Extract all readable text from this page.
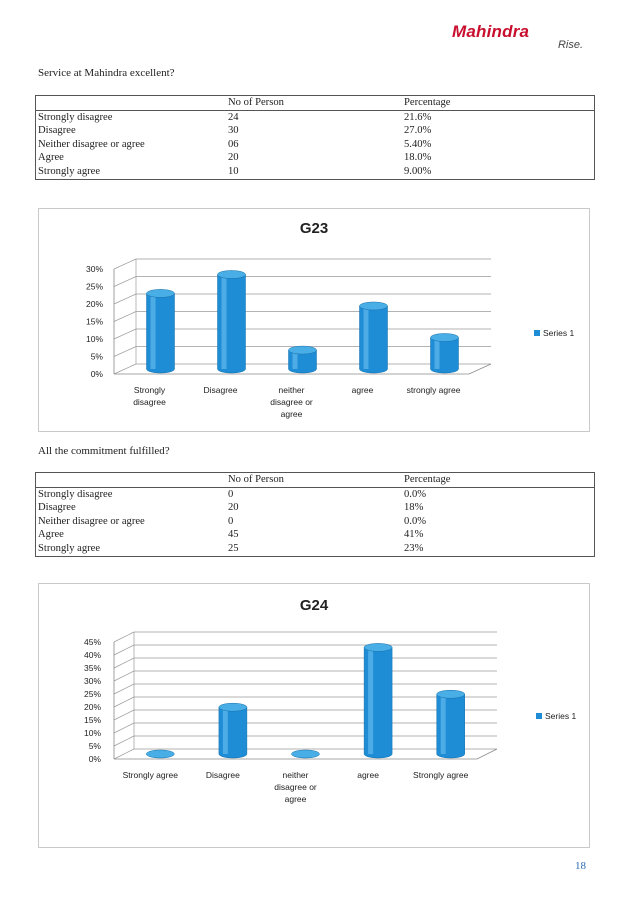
Mahindra
Rise.
Service at Mahindra excellent?
	No of Person	Percentage
Strongly disagree	24	21.6%
Disagree	30	27.0%
Neither disagree or agree	06	5.40%
Agree	20	18.0%
Strongly agree	10	9.00%
G23
0%
5%
10%
15%
20%
25%
30%
Strongly
disagree
Disagree	neither
disagree or
agree
agree	strongly agree
Series 1
All the commitment fulfilled?
	No of Person	Percentage
Strongly disagree	0	0.0%
Disagree	20	18%
Neither disagree or agree	0	0.0%
Agree	45	41%
Strongly agree	25	23%
G24
0%
5%
10%
15%
20%
25%
30%
35%
40%
45%
Strongly agree	Disagree	neither
disagree or
agree
agree	Strongly agree
Series 1
18
